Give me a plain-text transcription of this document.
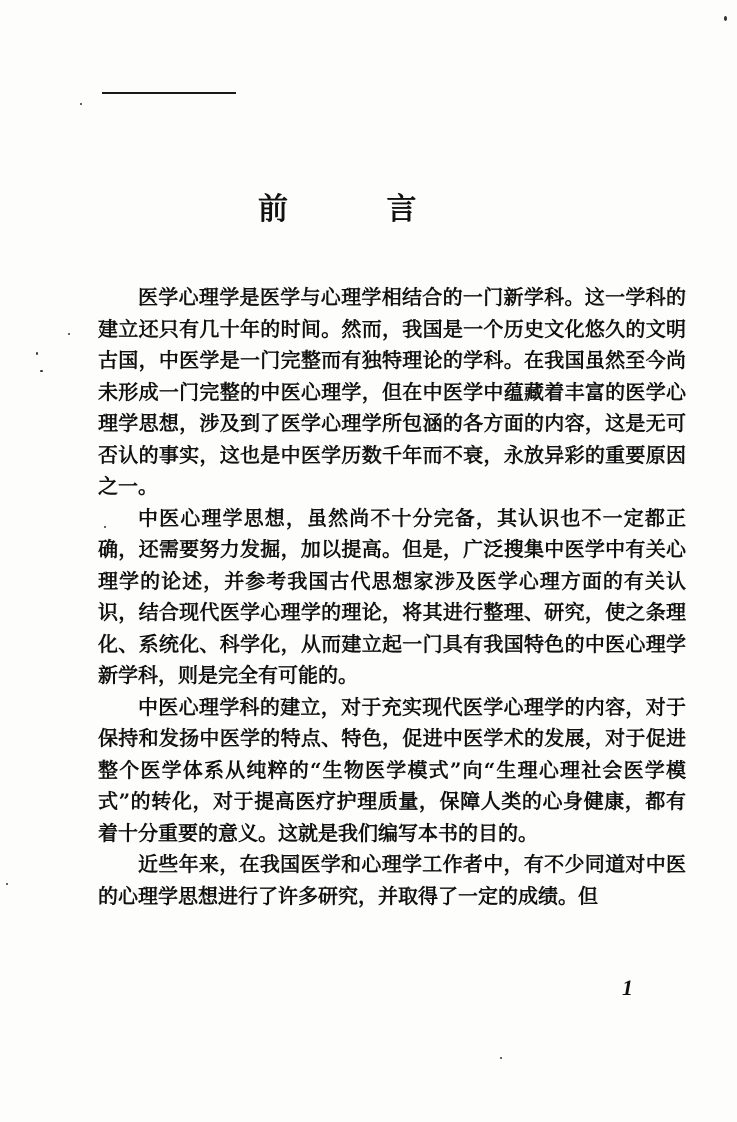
前 言

医学心理学是医学与心理学相结合的一门新学科。这一学科的建立还只有几十年的时间。然而，我国是一个历史文化悠久的文明古国，中医学是一门完整而有独特理论的学科。在我国虽然至今尚未形成一门完整的中医心理学，但在中医学中蕴藏着丰富的医学心理学思想，涉及到了医学心理学所包涵的各方面的内容，这是无可否认的事实，这也是中医学历数千年而不衰，永放异彩的重要原因之一。

中医心理学思想，虽然尚不十分完备，其认识也不一定都正确，还需要努力发掘，加以提高。但是，广泛搜集中医学中有关心理学的论述，并参考我国古代思想家涉及医学心理方面的有关认识，结合现代医学心理学的理论，将其进行整理、研究，使之条理化、系统化、科学化，从而建立起一门具有我国特色的中医心理学新学科，则是完全有可能的。

中医心理学科的建立，对于充实现代医学心理学的内容，对于保持和发扬中医学的特点、特色，促进中医学术的发展，对于促进整个医学体系从纯粹的“生物医学模式”向“生理心理社会医学模式”的转化，对于提高医疗护理质量，保障人类的心身健康，都有着十分重要的意义。这就是我们编写本书的目的。

近些年来，在我国医学和心理学工作者中，有不少同道对中医的心理学思想进行了许多研究，并取得了一定的成绩。但

1
